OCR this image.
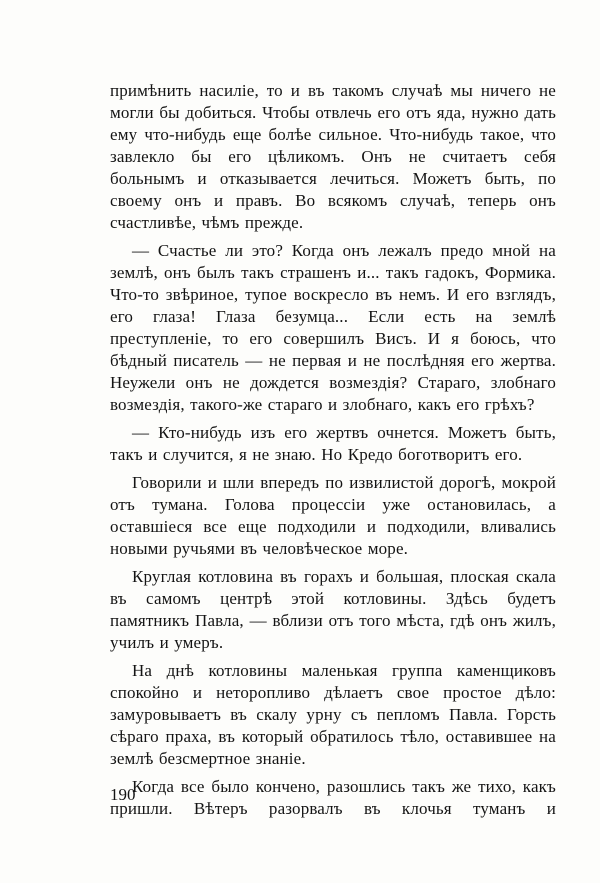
примѣнить насиліе, то и въ такомъ случаѣ мы ничего не могли бы добиться. Чтобы отвлечь его отъ яда, нужно дать ему что-нибудь еще болѣе сильное. Что-нибудь такое, что завлекло бы его цѣликомъ. Онъ не считаетъ себя больнымъ и отказывается лечиться. Можетъ быть, по своему онъ и правъ. Во всякомъ случаѣ, теперь онъ счастливѣе, чѣмъ прежде.

— Счастье ли это? Когда онъ лежалъ предо мной на землѣ, онъ былъ такъ страшенъ и... такъ гадокъ, Формика. Что-то звѣриное, тупое воскресло въ немъ. И его взглядъ, его глаза! Глаза безумца... Если есть на землѣ преступленіе, то его совершилъ Висъ. И я боюсь, что бѣдный писатель — не первая и не послѣдняя его жертва. Неужели онъ не дождется возмездія? Стараго, злобнаго возмездія, такого-же стараго и злобнаго, какъ его грѣхъ?

— Кто-нибудь изъ его жертвъ очнется. Можетъ быть, такъ и случится, я не знаю. Но Кредо боготворитъ его.

Говорили и шли впередъ по извилистой дорогѣ, мокрой отъ тумана. Голова процессіи уже остановилась, а оставшіеся все еще подходили и подходили, вливались новыми ручьями въ человѣческое море.

Круглая котловина въ горахъ и большая, плоская скала въ самомъ центрѣ этой котловины. Здѣсь будетъ памятникъ Павла, — вблизи отъ того мѣста, гдѣ онъ жилъ, училъ и умеръ.

На днѣ котловины маленькая группа каменщиковъ спокойно и неторопливо дѣлаетъ свое простое дѣло: замуровываетъ въ скалу урну съ пепломъ Павла. Горсть сѣраго праха, въ который обратилось тѣло, оставившее на землѣ безсмертное знаніе.

Когда все было кончено, разошлись такъ же тихо, какъ пришли. Вѣтеръ разорвалъ въ клочья туманъ и

190
